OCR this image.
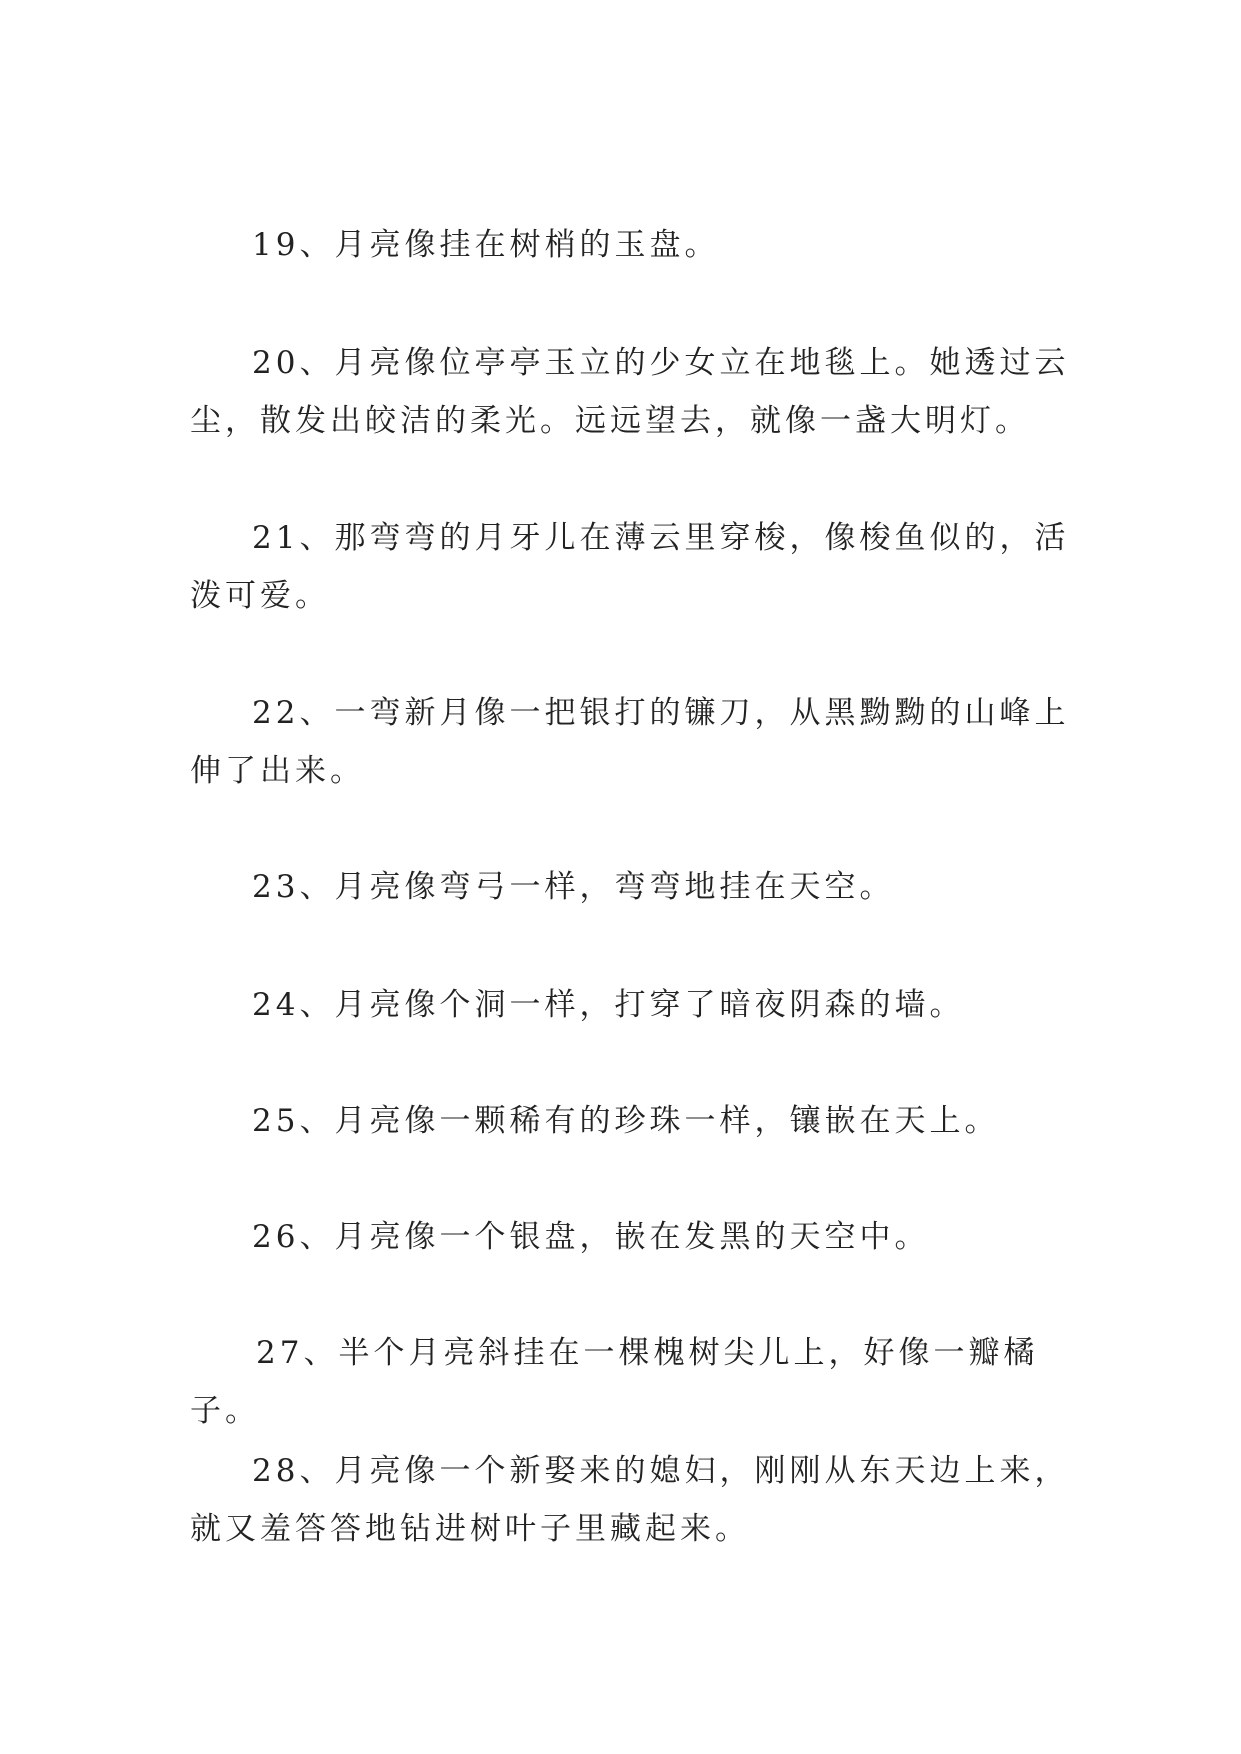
19、月亮像挂在树梢的玉盘。

20、月亮像位亭亭玉立的少女立在地毯上。她透过云尘，散发出皎洁的柔光。远远望去，就像一盏大明灯。

21、那弯弯的月牙儿在薄云里穿梭，像梭鱼似的，活泼可爱。

22、一弯新月像一把银打的镰刀，从黑黝黝的山峰上伸了出来。

23、月亮像弯弓一样，弯弯地挂在天空。

24、月亮像个洞一样，打穿了暗夜阴森的墙。

25、月亮像一颗稀有的珍珠一样，镶嵌在天上。

26、月亮像一个银盘，嵌在发黑的天空中。

27、半个月亮斜挂在一棵槐树尖儿上，好像一瓣橘子。

28、月亮像一个新娶来的媳妇，刚刚从东天边上来，就又羞答答地钻进树叶子里藏起来。
